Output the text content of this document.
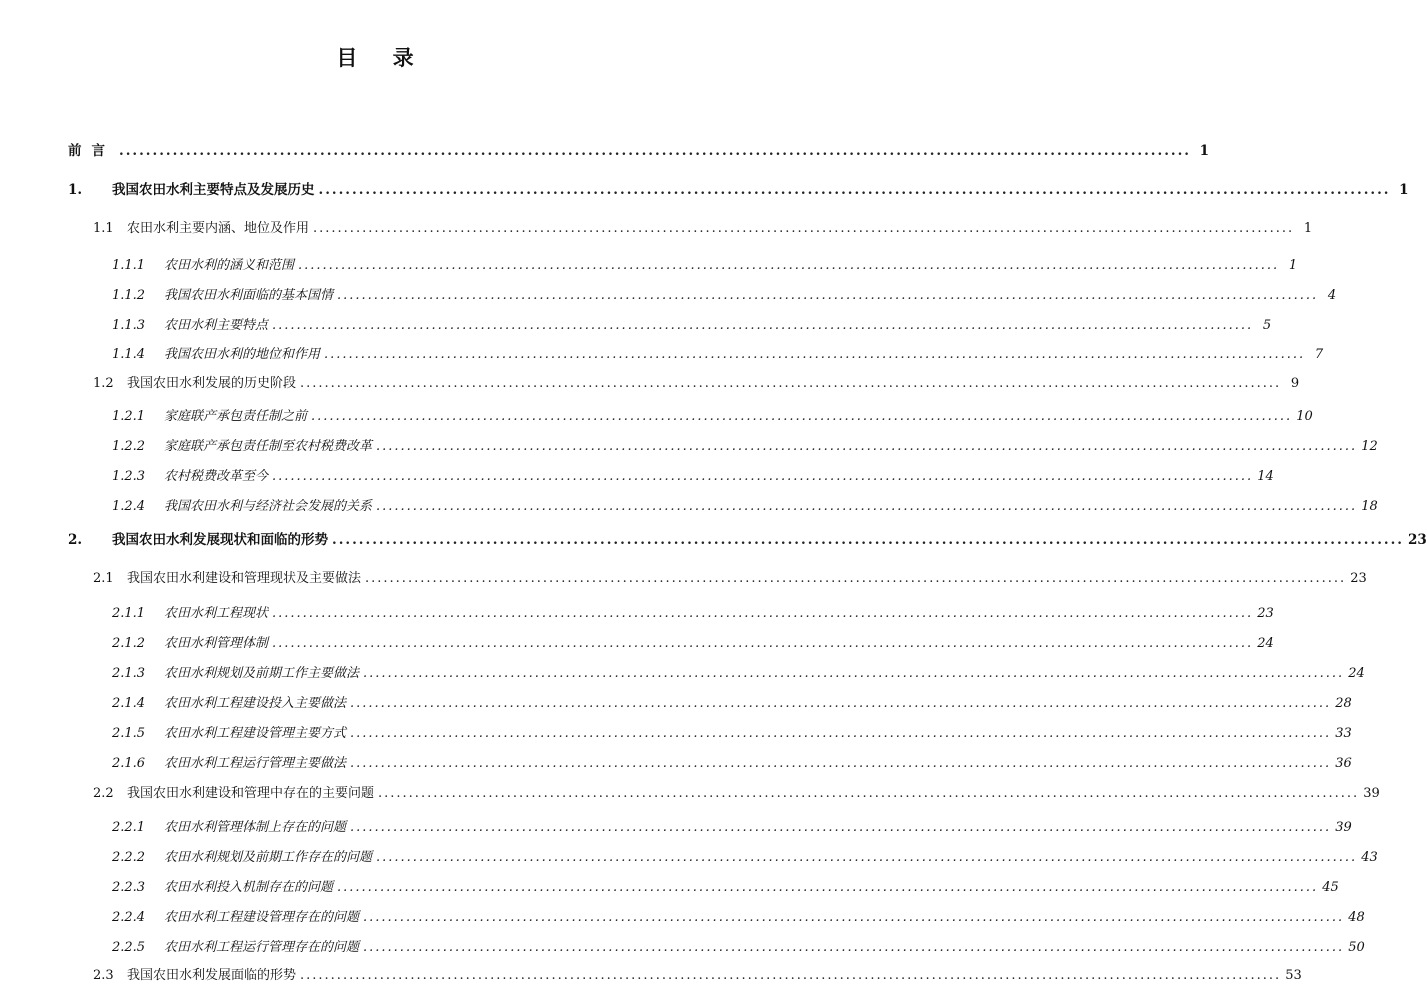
目 录
前言 ................................................................................................................................................................ 1
1.	我国农田水利主要特点及发展历史 ................................................................................................................................................................ 1
1.1	农田水利主要内涵、地位及作用 ................................................................................................................................................................ 1
1.1.1	农田水利的涵义和范围 ................................................................................................................................................................ 1
1.1.2	我国农田水利面临的基本国情 ................................................................................................................................................................ 4
1.1.3	农田水利主要特点 ................................................................................................................................................................ 5
1.1.4	我国农田水利的地位和作用 ................................................................................................................................................................ 7
1.2	我国农田水利发展的历史阶段 ................................................................................................................................................................ 9
1.2.1	家庭联产承包责任制之前 ................................................................................................................................................................ 10
1.2.2	家庭联产承包责任制至农村税费改革 ................................................................................................................................................................ 12
1.2.3	农村税费改革至今 ................................................................................................................................................................ 14
1.2.4	我国农田水利与经济社会发展的关系 ................................................................................................................................................................ 18
2.	我国农田水利发展现状和面临的形势 ................................................................................................................................................................ 23
2.1	我国农田水利建设和管理现状及主要做法 ................................................................................................................................................................ 23
2.1.1	农田水利工程现状 ................................................................................................................................................................ 23
2.1.2	农田水利管理体制 ................................................................................................................................................................ 24
2.1.3	农田水利规划及前期工作主要做法 ................................................................................................................................................................ 24
2.1.4	农田水利工程建设投入主要做法 ................................................................................................................................................................ 28
2.1.5	农田水利工程建设管理主要方式 ................................................................................................................................................................ 33
2.1.6	农田水利工程运行管理主要做法 ................................................................................................................................................................ 36
2.2	我国农田水利建设和管理中存在的主要问题 ................................................................................................................................................................ 39
2.2.1	农田水利管理体制上存在的问题 ................................................................................................................................................................ 39
2.2.2	农田水利规划及前期工作存在的问题 ................................................................................................................................................................ 43
2.2.3	农田水利投入机制存在的问题 ................................................................................................................................................................ 45
2.2.4	农田水利工程建设管理存在的问题 ................................................................................................................................................................ 48
2.2.5	农田水利工程运行管理存在的问题 ................................................................................................................................................................ 50
2.3	我国农田水利发展面临的形势 ................................................................................................................................................................ 53
